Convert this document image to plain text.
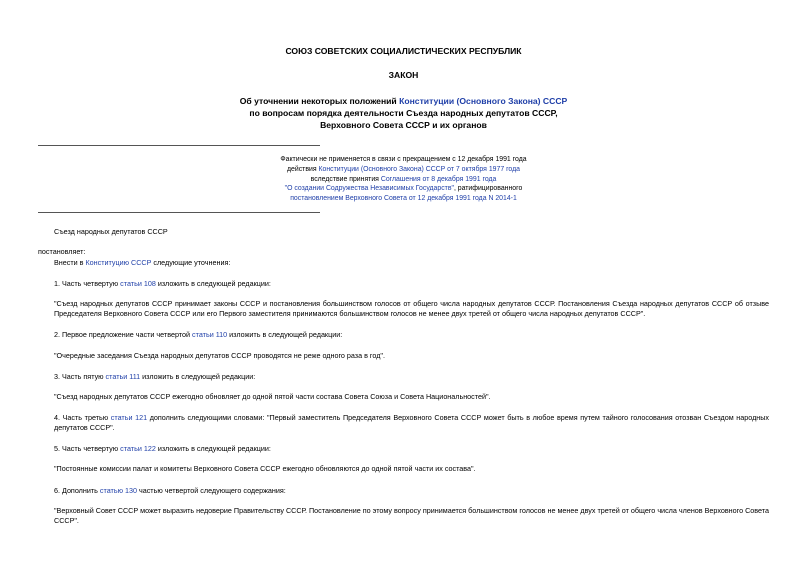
СОЮЗ СОВЕТСКИХ СОЦИАЛИСТИЧЕСКИХ РЕСПУБЛИК
ЗАКОН
Об уточнении некоторых положений Конституции (Основного Закона) СССР
по вопросам порядка деятельности Съезда народных депутатов СССР,
Верховного Совета СССР и их органов
Фактически не применяется в связи с прекращением с 12 декабря 1991 года
действия Конституции (Основного Закона) СССР от 7 октября 1977 года
вследствие принятия Соглашения от 8 декабря 1991 года
"О создании Содружества Независимых Государств", ратифицированного
постановлением Верховного Совета от 12 декабря 1991 года N 2014-1
Съезд народных депутатов СССР
постановляет:
Внести в Конституцию СССР следующие уточнения:
1. Часть четвертую статьи 108 изложить в следующей редакции:
"Съезд народных депутатов СССР принимает законы СССР и постановления большинством голосов от общего числа народных депутатов СССР. Постановления Съезда народных депутатов СССР об отзыве Председателя Верховного Совета СССР или его Первого заместителя принимаются большинством голосов не менее двух третей от общего числа народных депутатов СССР".
2. Первое предложение части четвертой статьи 110 изложить в следующей редакции:
"Очередные заседания Съезда народных депутатов СССР проводятся не реже одного раза в год".
3. Часть пятую статьи 111 изложить в следующей редакции:
"Съезд народных депутатов СССР ежегодно обновляет до одной пятой части состава Совета Союза и Совета Национальностей".
4. Часть третью статьи 121 дополнить следующими словами: "Первый заместитель Председателя Верховного Совета СССР может быть в любое время путем тайного голосования отозван Съездом народных депутатов СССР".
5. Часть четвертую статьи 122 изложить в следующей редакции:
"Постоянные комиссии палат и комитеты Верховного Совета СССР ежегодно обновляются до одной пятой части их состава".
6. Дополнить статью 130 частью четвертой следующего содержания:
"Верховный Совет СССР может выразить недоверие Правительству СССР. Постановление по этому вопросу принимается большинством голосов не менее двух третей от общего числа членов Верховного Совета СССР".
